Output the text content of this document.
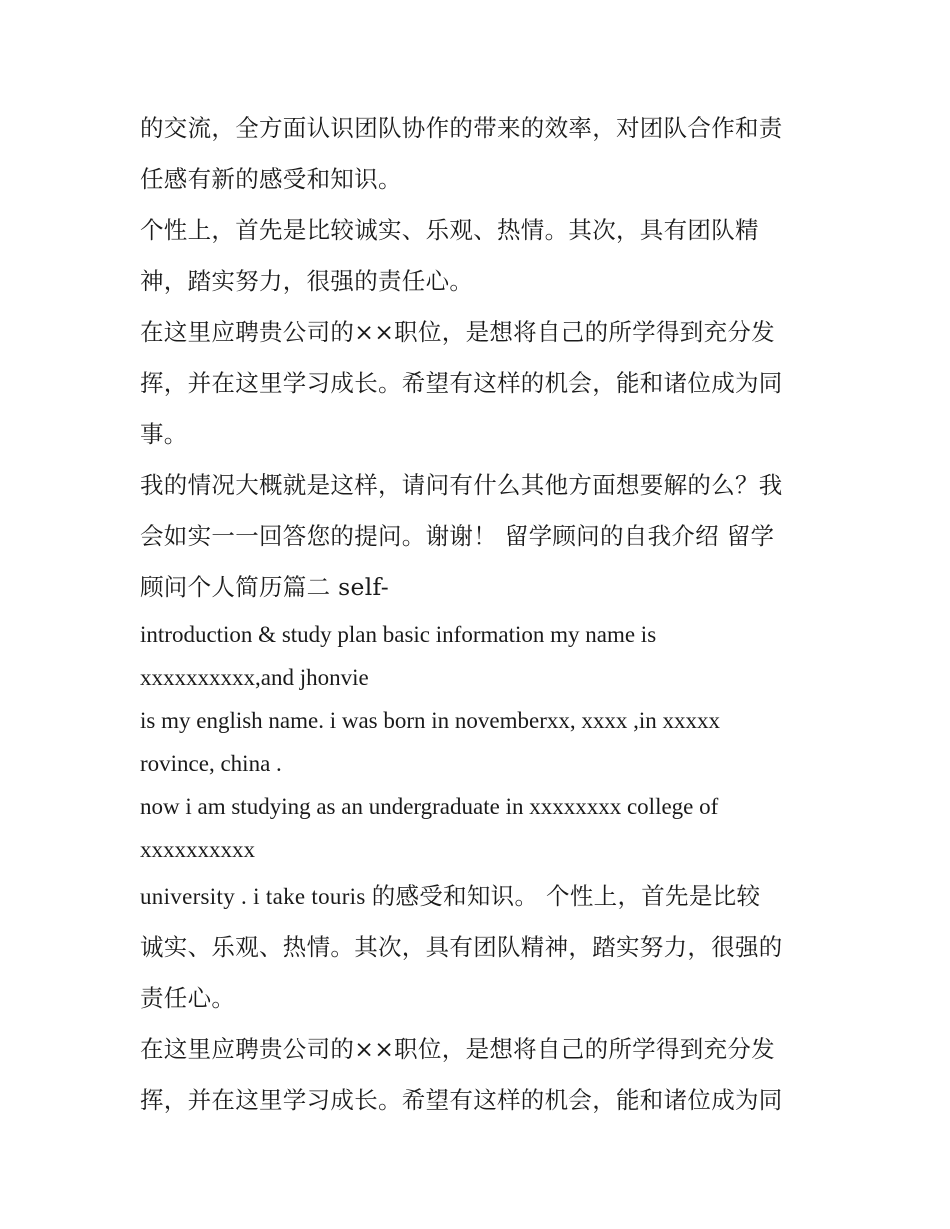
的交流，全方面认识团队协作的带来的效率，对团队合作和责
任感有新的感受和知识。

个性上，首先是比较诚实、乐观、热情。其次，具有团队精
神，踏实努力，很强的责任心。

在这里应聘贵公司的××职位，是想将自己的所学得到充分发
挥，并在这里学习成长。希望有这样的机会，能和诸位成为同
事。

我的情况大概就是这样，请问有什么其他方面想要解的么？我
会如实一一回答您的提问。谢谢！ 留学顾问的自我介绍 留学
顾问个人简历篇二 self-

introduction & study plan basic information my name is
xxxxxxxxxx,and jhonvie

is my english name. i was born in novemberxx, xxxx ,in xxxxx
rovince, china .

now i am studying as an undergraduate in xxxxxxxx college of
xxxxxxxxxx

university . i take touris 的感受和知识。 个性上，首先是比较
诚实、乐观、热情。其次，具有团队精神，踏实努力，很强的
责任心。

在这里应聘贵公司的××职位，是想将自己的所学得到充分发
挥，并在这里学习成长。希望有这样的机会，能和诸位成为同
